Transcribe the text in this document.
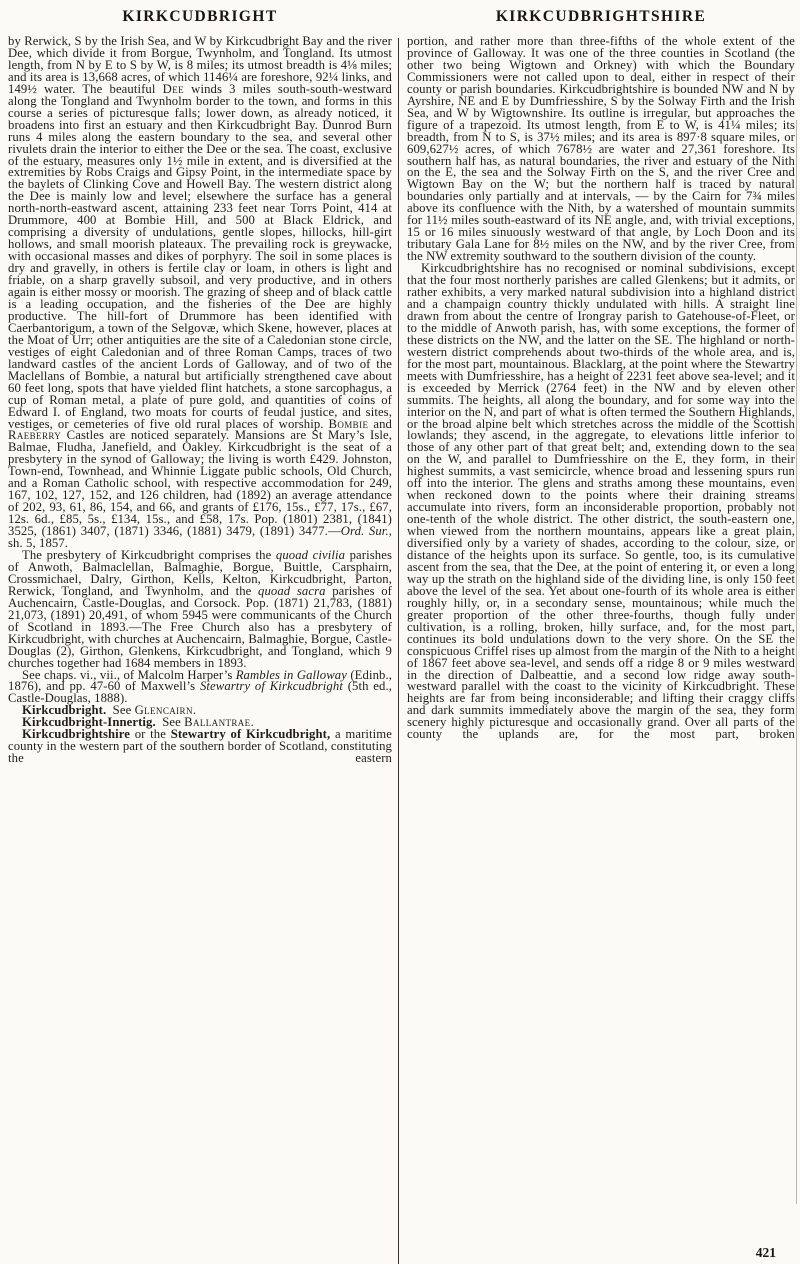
KIRKCUDBRIGHT	KIRKCUDBRIGHTSHIRE

by Rerwick, S by the Irish Sea, and W by Kirkcudbright Bay and the river Dee, which divide it from Borgue, Twynholm, and Tongland. Its utmost length, from N by E to S by W, is 8 miles; its utmost breadth is 4⅛ miles; and its area is 13,668 acres, of which 1146¼ are foreshore, 92¼ links, and 149½ water. The beautiful Dee winds 3 miles south-south-westward along the Tongland and Twynholm border to the town, and forms in this course a series of picturesque falls; lower down, as already noticed, it broadens into first an estuary and then Kirkcudbright Bay. Dunrod Burn runs 4 miles along the eastern boundary to the sea, and several other rivulets drain the interior to either the Dee or the sea. The coast, exclusive of the estuary, measures only 1½ mile in extent, and is diversified at the extremities by Robs Craigs and Gipsy Point, in the intermediate space by the baylets of Clinking Cove and Howell Bay. The western district along the Dee is mainly low and level; elsewhere the surface has a general north-north-eastward ascent, attaining 233 feet near Torrs Point, 414 at Drummore, 400 at Bombie Hill, and 500 at Black Eldrick, and comprising a diversity of undulations, gentle slopes, hillocks, hill-girt hollows, and small moorish plateaux. The prevailing rock is greywacke, with occasional masses and dikes of porphyry. The soil in some places is dry and gravelly, in others is fertile clay or loam, in others is light and friable, on a sharp gravelly subsoil, and very productive, and in others again is either mossy or moorish. The grazing of sheep and of black cattle is a leading occupation, and the fisheries of the Dee are highly productive. The hill-fort of Drummore has been identified with Caerbantorigum, a town of the Selgovæ, which Skene, however, places at the Moat of Urr; other antiquities are the site of a Caledonian stone circle, vestiges of eight Caledonian and of three Roman Camps, traces of two landward castles of the ancient Lords of Galloway, and of two of the Maclellans of Bombie, a natural but artificially strengthened cave about 60 feet long, spots that have yielded flint hatchets, a stone sarcophagus, a cup of Roman metal, a plate of pure gold, and quantities of coins of Edward I. of England, two moats for courts of feudal justice, and sites, vestiges, or cemeteries of five old rural places of worship. Bombie and Raeberry Castles are noticed separately. Mansions are St Mary’s Isle, Balmae, Fludha, Janefield, and Oakley. Kirkcudbright is the seat of a presbytery in the synod of Galloway; the living is worth £429. Johnston, Town-end, Townhead, and Whinnie Liggate public schools, Old Church, and a Roman Catholic school, with respective accommodation for 249, 167, 102, 127, 152, and 126 children, had (1892) an average attendance of 202, 93, 61, 86, 154, and 66, and grants of £176, 15s., £77, 17s., £67, 12s. 6d., £85, 5s., £134, 15s., and £58, 17s. Pop. (1801) 2381, (1841) 3525, (1861) 3407, (1871) 3346, (1881) 3479, (1891) 3477.—Ord. Sur., sh. 5, 1857.

The presbytery of Kirkcudbright comprises the quoad civilia parishes of Anwoth, Balmaclellan, Balmaghie, Borgue, Buittle, Carsphairn, Crossmichael, Dalry, Girthon, Kells, Kelton, Kirkcudbright, Parton, Rerwick, Tongland, and Twynholm, and the quoad sacra parishes of Auchencairn, Castle-Douglas, and Corsock. Pop. (1871) 21,783, (1881) 21,073, (1891) 20,491, of whom 5945 were communicants of the Church of Scotland in 1893.—The Free Church also has a presbytery of Kirkcudbright, with churches at Auchencairn, Balmaghie, Borgue, Castle-Douglas (2), Girthon, Glenkens, Kirkcudbright, and Tongland, which 9 churches together had 1684 members in 1893.

See chaps. vi., vii., of Malcolm Harper’s Rambles in Galloway (Edinb., 1876), and pp. 47-60 of Maxwell’s Stewartry of Kirkcudbright (5th ed., Castle-Douglas, 1888).

Kirkcudbright. See Glencairn.

Kirkcudbright-Innertig. See Ballantrae.

Kirkcudbrightshire or the Stewartry of Kirkcudbright, a maritime county in the western part of the southern border of Scotland, constituting the eastern

portion, and rather more than three-fifths of the whole extent of the province of Galloway. It was one of the three counties in Scotland (the other two being Wigtown and Orkney) with which the Boundary Commissioners were not called upon to deal, either in respect of their county or parish boundaries. Kirkcudbrightshire is bounded NW and N by Ayrshire, NE and E by Dumfriesshire, S by the Solway Firth and the Irish Sea, and W by Wigtownshire. Its outline is irregular, but approaches the figure of a trapezoid. Its utmost length, from E to W, is 41¼ miles; its breadth, from N to S, is 37½ miles; and its area is 897·8 square miles, or 609,627½ acres, of which 7678½ are water and 27,361 foreshore. Its southern half has, as natural boundaries, the river and estuary of the Nith on the E, the sea and the Solway Firth on the S, and the river Cree and Wigtown Bay on the W; but the northern half is traced by natural boundaries only partially and at intervals, — by the Cairn for 7¾ miles above its confluence with the Nith, by a watershed of mountain summits for 11½ miles south-eastward of its NE angle, and, with trivial exceptions, 15 or 16 miles sinuously westward of that angle, by Loch Doon and its tributary Gala Lane for 8½ miles on the NW, and by the river Cree, from the NW extremity southward to the southern division of the county.

Kirkcudbrightshire has no recognised or nominal subdivisions, except that the four most northerly parishes are called Glenkens; but it admits, or rather exhibits, a very marked natural subdivision into a highland district and a champaign country thickly undulated with hills. A straight line drawn from about the centre of Irongray parish to Gatehouse-of-Fleet, or to the middle of Anwoth parish, has, with some exceptions, the former of these districts on the NW, and the latter on the SE. The highland or north-western district comprehends about two-thirds of the whole area, and is, for the most part, mountainous. Blacklarg, at the point where the Stewartry meets with Dumfriesshire, has a height of 2231 feet above sea-level; and it is exceeded by Merrick (2764 feet) in the NW and by eleven other summits. The heights, all along the boundary, and for some way into the interior on the N, and part of what is often termed the Southern Highlands, or the broad alpine belt which stretches across the middle of the Scottish lowlands; they ascend, in the aggregate, to elevations little inferior to those of any other part of that great belt; and, extending down to the sea on the W, and parallel to Dumfriesshire on the E, they form, in their highest summits, a vast semicircle, whence broad and lessening spurs run off into the interior. The glens and straths among these mountains, even when reckoned down to the points where their draining streams accumulate into rivers, form an inconsiderable proportion, probably not one-tenth of the whole district. The other district, the south-eastern one, when viewed from the northern mountains, appears like a great plain, diversified only by a variety of shades, according to the colour, size, or distance of the heights upon its surface. So gentle, too, is its cumulative ascent from the sea, that the Dee, at the point of entering it, or even a long way up the strath on the highland side of the dividing line, is only 150 feet above the level of the sea. Yet about one-fourth of its whole area is either roughly hilly, or, in a secondary sense, mountainous; while much the greater proportion of the other three-fourths, though fully under cultivation, is a rolling, broken, hilly surface, and, for the most part, continues its bold undulations down to the very shore. On the SE the conspicuous Criffel rises up almost from the margin of the Nith to a height of 1867 feet above sea-level, and sends off a ridge 8 or 9 miles westward in the direction of Dalbeattie, and a second low ridge away south-westward parallel with the coast to the vicinity of Kirkcudbright. These heights are far from being inconsiderable; and lifting their craggy cliffs and dark summits immediately above the margin of the sea, they form scenery highly picturesque and occasionally grand. Over all parts of the county the uplands are, for the most part, broken

421
